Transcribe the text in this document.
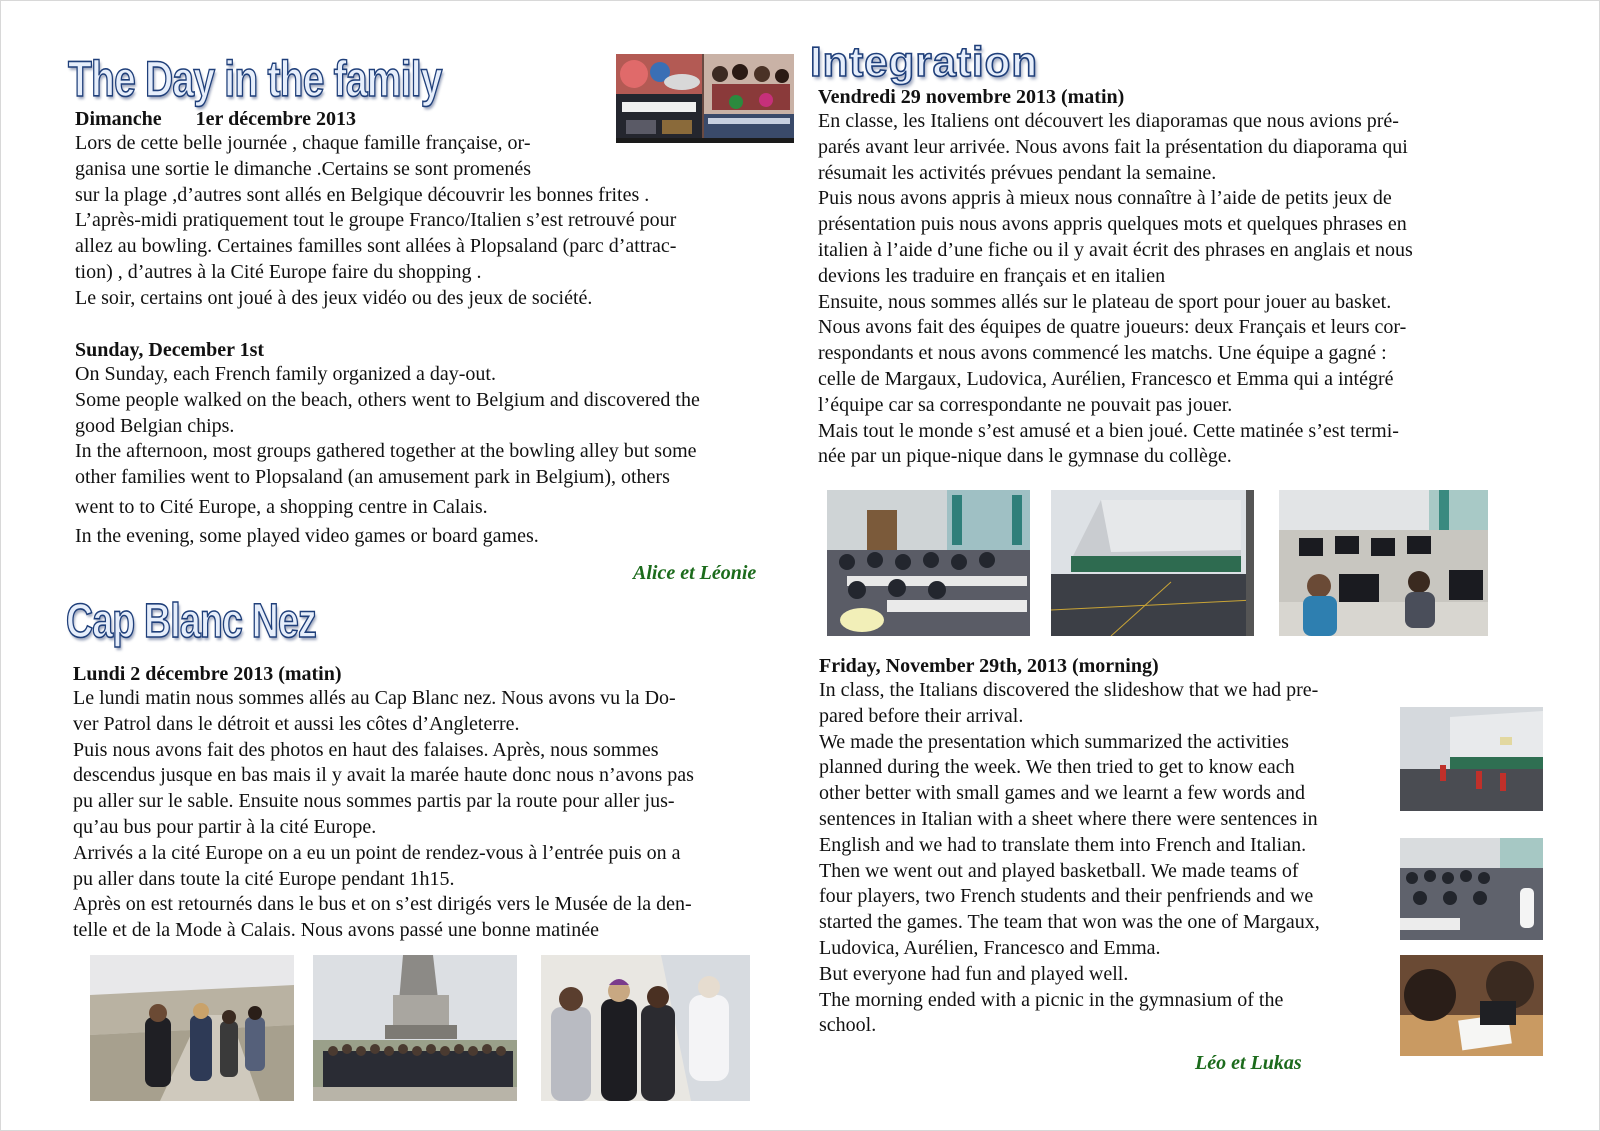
The Day in the family
Dimanche 1er décembre 2013
Lors de cette belle journée , chaque famille française, or-
ganisa une sortie le dimanche .Certains se sont promenés
sur la plage ,d’autres sont allés en Belgique découvrir les bonnes frites .
L’après-midi pratiquement tout le groupe Franco/Italien s’est retrouvé pour
allez au bowling. Certaines familles sont allées à Plopsaland (parc d’attrac-
tion) , d’autres à la Cité Europe faire du shopping .
Le soir, certains ont joué à des jeux vidéo ou des jeux de société.
Sunday, December 1st
On Sunday, each French family organized a day-out.
Some people walked on the beach, others went to Belgium and discovered the
good Belgian chips.
In the afternoon, most groups gathered together at the bowling alley but some
other families went to Plopsaland (an amusement park in Belgium), others
went to to Cité Europe, a shopping centre in Calais.
In the evening, some played video games or board games.
Alice et Léonie
Cap Blanc Nez
Lundi 2 décembre 2013 (matin)
Le lundi matin nous sommes allés au Cap Blanc nez. Nous avons vu la Do-
ver Patrol dans le détroit et aussi les côtes d’Angleterre.
Puis nous avons fait des photos en haut des falaises. Après, nous sommes
descendus jusque en bas mais il y avait la marée haute donc nous n’avons pas
pu aller sur le sable. Ensuite nous sommes partis par la route pour aller jus-
qu’au bus pour partir à la cité Europe.
Arrivés a la cité Europe on a eu un point de rendez-vous à l’entrée puis on a
pu aller dans toute la cité Europe pendant 1h15.
Après on est retournés dans le bus et on s’est dirigés vers le Musée de la den-
telle et de la Mode à Calais. Nous avons passé une bonne matinée
Integration
Vendredi 29 novembre 2013 (matin)
En classe, les Italiens ont découvert les diaporamas que nous avions pré-
parés avant leur arrivée. Nous avons fait la présentation du diaporama qui
résumait les activités prévues pendant la semaine.
Puis nous avons appris à mieux nous connaître à l’aide de petits jeux de
présentation puis nous avons appris quelques mots et quelques phrases en
italien à l’aide d’une fiche ou il y avait écrit des phrases en anglais et nous
devions les traduire en français et en italien
Ensuite, nous sommes allés sur le plateau de sport pour jouer au basket.
Nous avons fait des équipes de quatre joueurs: deux Français et leurs cor-
respondants et nous avons commencé les matchs. Une équipe a gagné :
celle de Margaux, Ludovica, Aurélien, Francesco et Emma qui a intégré
l’équipe car sa correspondante ne pouvait pas jouer.
Mais tout le monde s’est amusé et a bien joué. Cette matinée s’est termi-
née par un pique-nique dans le gymnase du collège.
Friday, November 29th, 2013 (morning)
In class, the Italians discovered the slideshow that we had pre-
pared before their arrival.
We made the presentation which summarized the activities
planned during the week. We then tried to get to know each
other better with small games and we learnt a few words and
sentences in Italian with a sheet where there were sentences in
English and we had to translate them into French and Italian.
Then we went out and played basketball. We made teams of
four players, two French students and their penfriends and we
started the games. The team that won was the one of Margaux,
Ludovica, Aurélien, Francesco and Emma.
But everyone had fun and played well.
The morning ended with a picnic in the gymnasium of the
school.
Léo et Lukas
